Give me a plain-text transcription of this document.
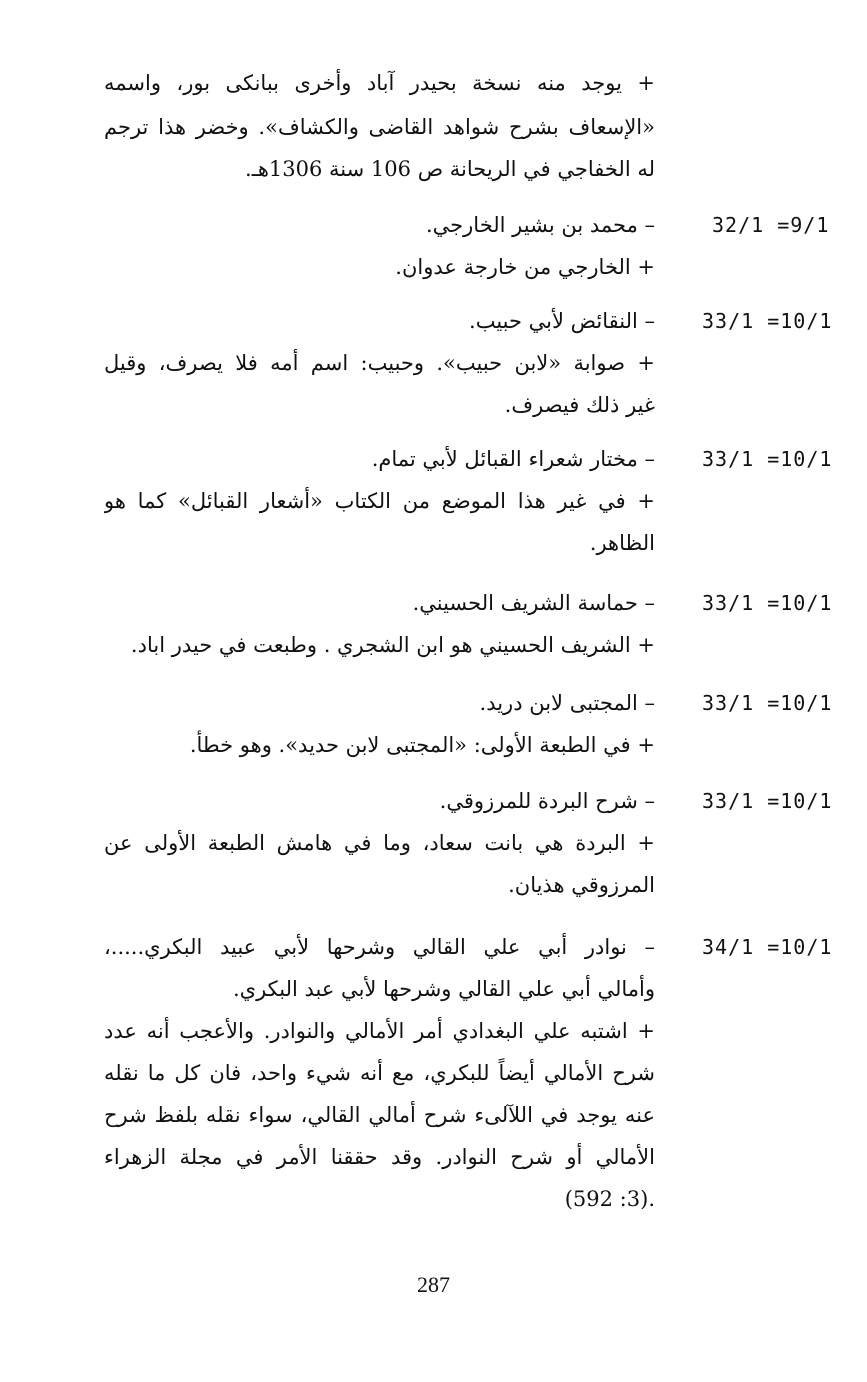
+ يوجد منه نسخة بحيدر آباد وأخرى ببانكى بور، واسمه
«الإسعاف بشرح شواهد القاضى والكشاف». وخضر هذا ترجم
له الخفاجي في الريحانة ص 106 سنة 1306هـ.
32/1 =9/1
– محمد بن بشير الخارجي.
+ الخارجي من خارجة عدوان.
33/1 =10/1
– النقائض لأبي حبيب.
+ صوابة «لابن حبيب». وحبيب: اسم أمه فلا يصرف، وقيل
غير ذلك فيصرف.
33/1 =10/1
– مختار شعراء القبائل لأبي تمام.
+ في غير هذا الموضع من الكتاب «أشعار القبائل» كما هو
الظاهر.
33/1 =10/1
– حماسة الشريف الحسيني.
+ الشريف الحسيني هو ابن الشجري . وطبعت في حيدر اباد.
33/1 =10/1
– المجتبى لابن دريد.
+ في الطبعة الأولى: «المجتبى لابن حديد». وهو خطأ.
33/1 =10/1
– شرح البردة للمرزوقي.
+ البردة هي بانت سعاد، وما في هامش الطبعة الأولى عن
المرزوقي هذيان.
34/1 =10/1
– نوادر أبي علي القالي وشرحها لأبي عبيد البكري.....،
وأمالي أبي علي القالي وشرحها لأبي عبد البكري.
+ اشتبه علي البغدادي أمر الأمالي والنوادر. والأعجب أنه عدد
شرح الأمالي أيضاً للبكري، مع أنه شيء واحد، فان كل ما نقله
عنه يوجد في اللآلىء شرح أمالي القالي، سواء نقله بلفظ شرح
الأمالي أو شرح النوادر. وقد حققنا الأمر في مجلة الزهراء
.(3: 592)
287
